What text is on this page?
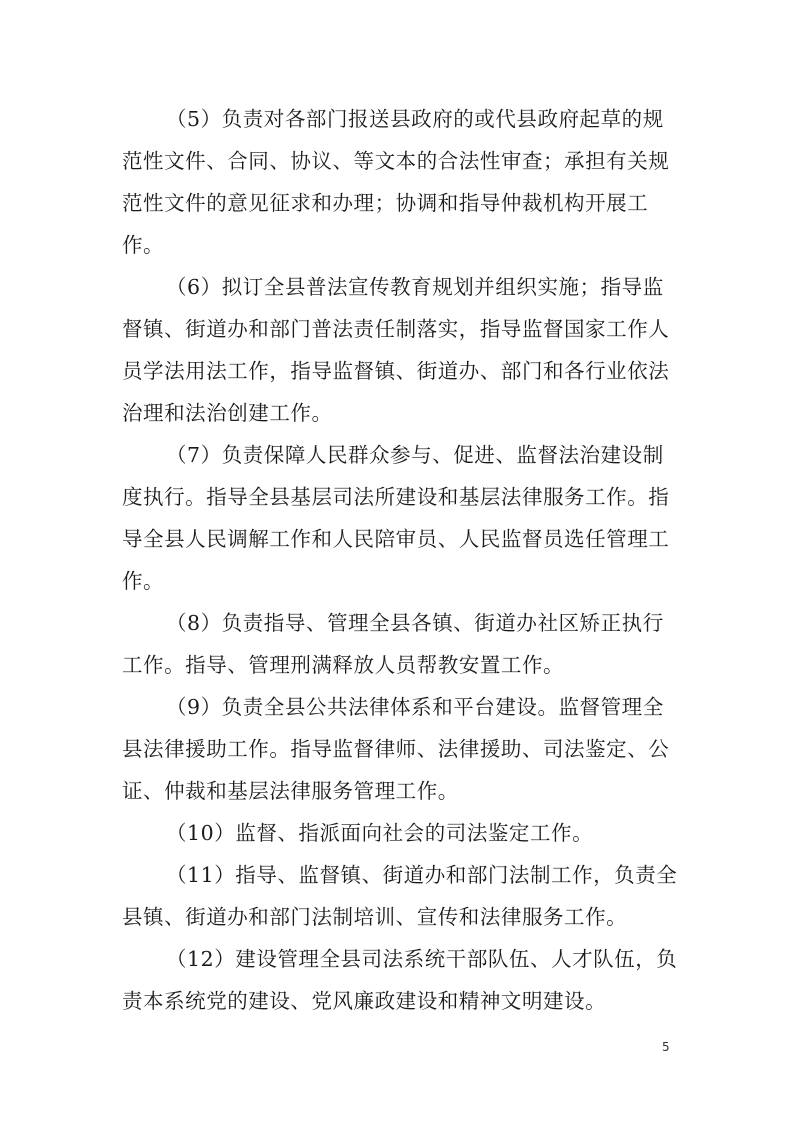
（5）负责对各部门报送县政府的或代县政府起草的规
范性文件、合同、协议、等文本的合法性审查；承担有关规
范性文件的意见征求和办理；协调和指导仲裁机构开展工
作。
（6）拟订全县普法宣传教育规划并组织实施；指导监
督镇、街道办和部门普法责任制落实，指导监督国家工作人
员学法用法工作，指导监督镇、街道办、部门和各行业依法
治理和法治创建工作。
（7）负责保障人民群众参与、促进、监督法治建设制
度执行。指导全县基层司法所建设和基层法律服务工作。指
导全县人民调解工作和人民陪审员、人民监督员选任管理工
作。
（8）负责指导、管理全县各镇、街道办社区矫正执行
工作。指导、管理刑满释放人员帮教安置工作。
（9）负责全县公共法律体系和平台建设。监督管理全
县法律援助工作。指导监督律师、法律援助、司法鉴定、公
证、仲裁和基层法律服务管理工作。
（10）监督、指派面向社会的司法鉴定工作。
（11）指导、监督镇、街道办和部门法制工作，负责全
县镇、街道办和部门法制培训、宣传和法律服务工作。
（12）建设管理全县司法系统干部队伍、人才队伍，负
责本系统党的建设、党风廉政建设和精神文明建设。
5
